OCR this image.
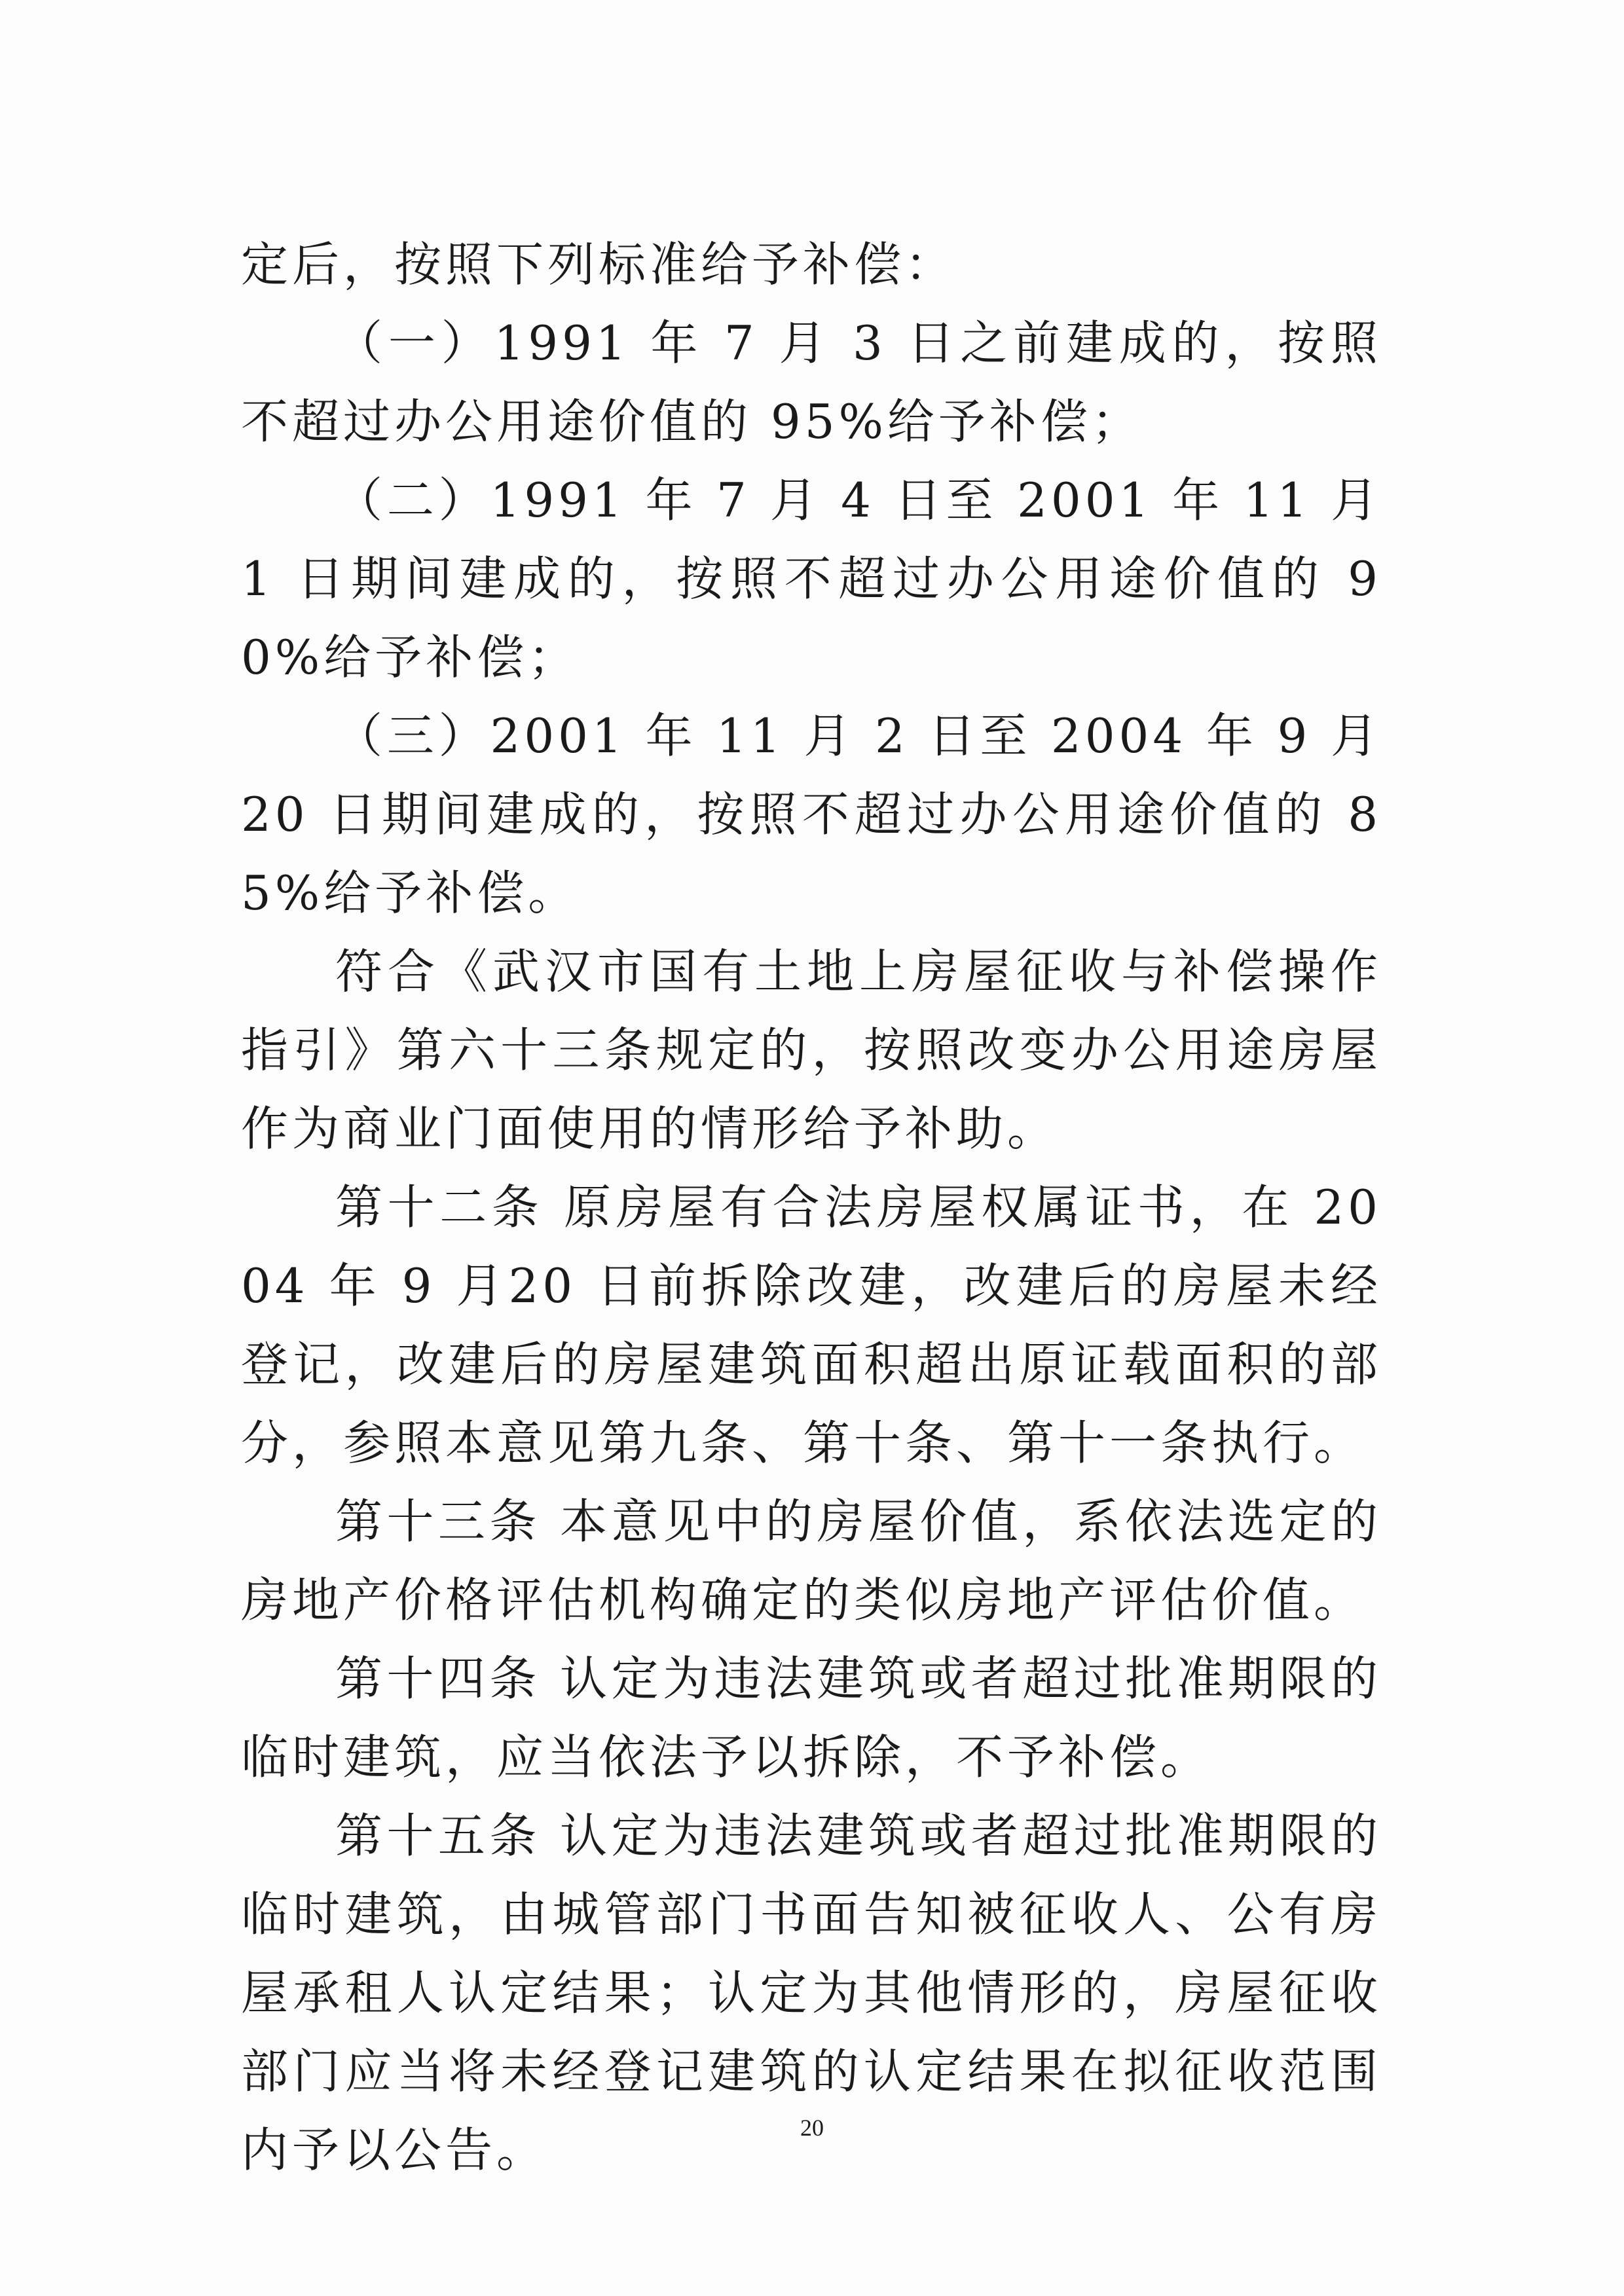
定后，按照下列标准给予补偿：

（一）1991 年 7 月 3 日之前建成的，按照不超过办公用途价值的 95%给予补偿；

（二）1991 年 7 月 4 日至 2001 年 11 月 1 日期间建成的，按照不超过办公用途价值的 90%给予补偿；

（三）2001 年 11 月 2 日至 2004 年 9 月 20 日期间建成的，按照不超过办公用途价值的 85%给予补偿。

符合《武汉市国有土地上房屋征收与补偿操作指引》第六十三条规定的，按照改变办公用途房屋作为商业门面使用的情形给予补助。

第十二条 原房屋有合法房屋权属证书，在 2004 年 9 月20 日前拆除改建，改建后的房屋未经登记，改建后的房屋建筑面积超出原证载面积的部分，参照本意见第九条、第十条、第十一条执行。

第十三条 本意见中的房屋价值，系依法选定的房地产价格评估机构确定的类似房地产评估价值。

第十四条 认定为违法建筑或者超过批准期限的临时建筑，应当依法予以拆除，不予补偿。

第十五条 认定为违法建筑或者超过批准期限的临时建筑，由城管部门书面告知被征收人、公有房屋承租人认定结果；认定为其他情形的，房屋征收部门应当将未经登记建筑的认定结果在拟征收范围内予以公告。	20
